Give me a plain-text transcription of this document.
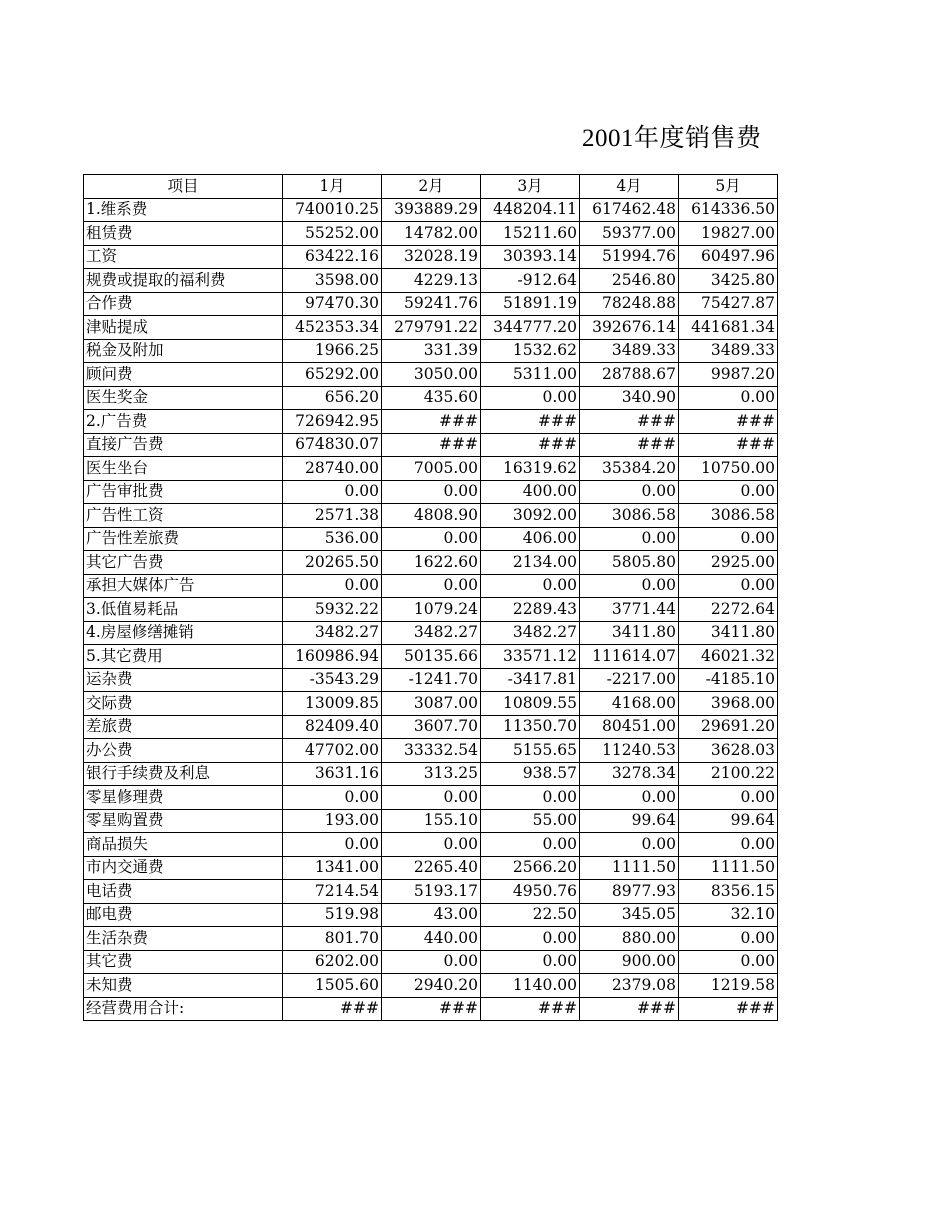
2001年度销售费
项目	1月	2月	3月	4月	5月
1.维系费	740010.25	393889.29	448204.11	617462.48	614336.50
租赁费	55252.00	14782.00	15211.60	59377.00	19827.00
工资	63422.16	32028.19	30393.14	51994.76	60497.96
规费或提取的福利费	3598.00	4229.13	-912.64	2546.80	3425.80
合作费	97470.30	59241.76	51891.19	78248.88	75427.87
津贴提成	452353.34	279791.22	344777.20	392676.14	441681.34
税金及附加	1966.25	331.39	1532.62	3489.33	3489.33
顾问费	65292.00	3050.00	5311.00	28788.67	9987.20
医生奖金	656.20	435.60	0.00	340.90	0.00
2.广告费	726942.95	###	###	###	###
直接广告费	674830.07	###	###	###	###
医生坐台	28740.00	7005.00	16319.62	35384.20	10750.00
广告审批费	0.00	0.00	400.00	0.00	0.00
广告性工资	2571.38	4808.90	3092.00	3086.58	3086.58
广告性差旅费	536.00	0.00	406.00	0.00	0.00
其它广告费	20265.50	1622.60	2134.00	5805.80	2925.00
承担大媒体广告	0.00	0.00	0.00	0.00	0.00
3.低值易耗品	5932.22	1079.24	2289.43	3771.44	2272.64
4.房屋修缮摊销	3482.27	3482.27	3482.27	3411.80	3411.80
5.其它费用	160986.94	50135.66	33571.12	111614.07	46021.32
运杂费	-3543.29	-1241.70	-3417.81	-2217.00	-4185.10
交际费	13009.85	3087.00	10809.55	4168.00	3968.00
差旅费	82409.40	3607.70	11350.70	80451.00	29691.20
办公费	47702.00	33332.54	5155.65	11240.53	3628.03
银行手续费及利息	3631.16	313.25	938.57	3278.34	2100.22
零星修理费	0.00	0.00	0.00	0.00	0.00
零星购置费	193.00	155.10	55.00	99.64	99.64
商品损失	0.00	0.00	0.00	0.00	0.00
市内交通费	1341.00	2265.40	2566.20	1111.50	1111.50
电话费	7214.54	5193.17	4950.76	8977.93	8356.15
邮电费	519.98	43.00	22.50	345.05	32.10
生活杂费	801.70	440.00	0.00	880.00	0.00
其它费	6202.00	0.00	0.00	900.00	0.00
未知费	1505.60	2940.20	1140.00	2379.08	1219.58
经营费用合计:	###	###	###	###	###
